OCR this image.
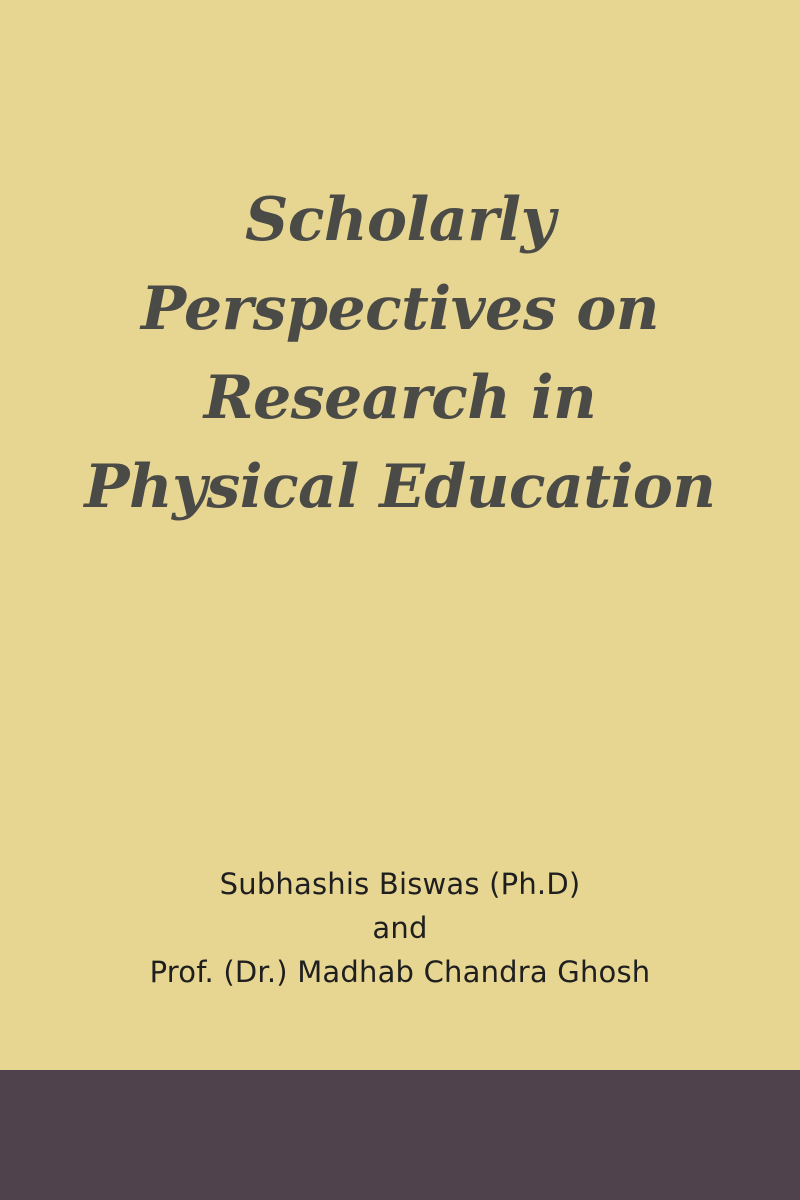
Scholarly
Perspectives on
Research in
Physical Education
Subhashis Biswas (Ph.D)
and
Prof. (Dr.) Madhab Chandra Ghosh
